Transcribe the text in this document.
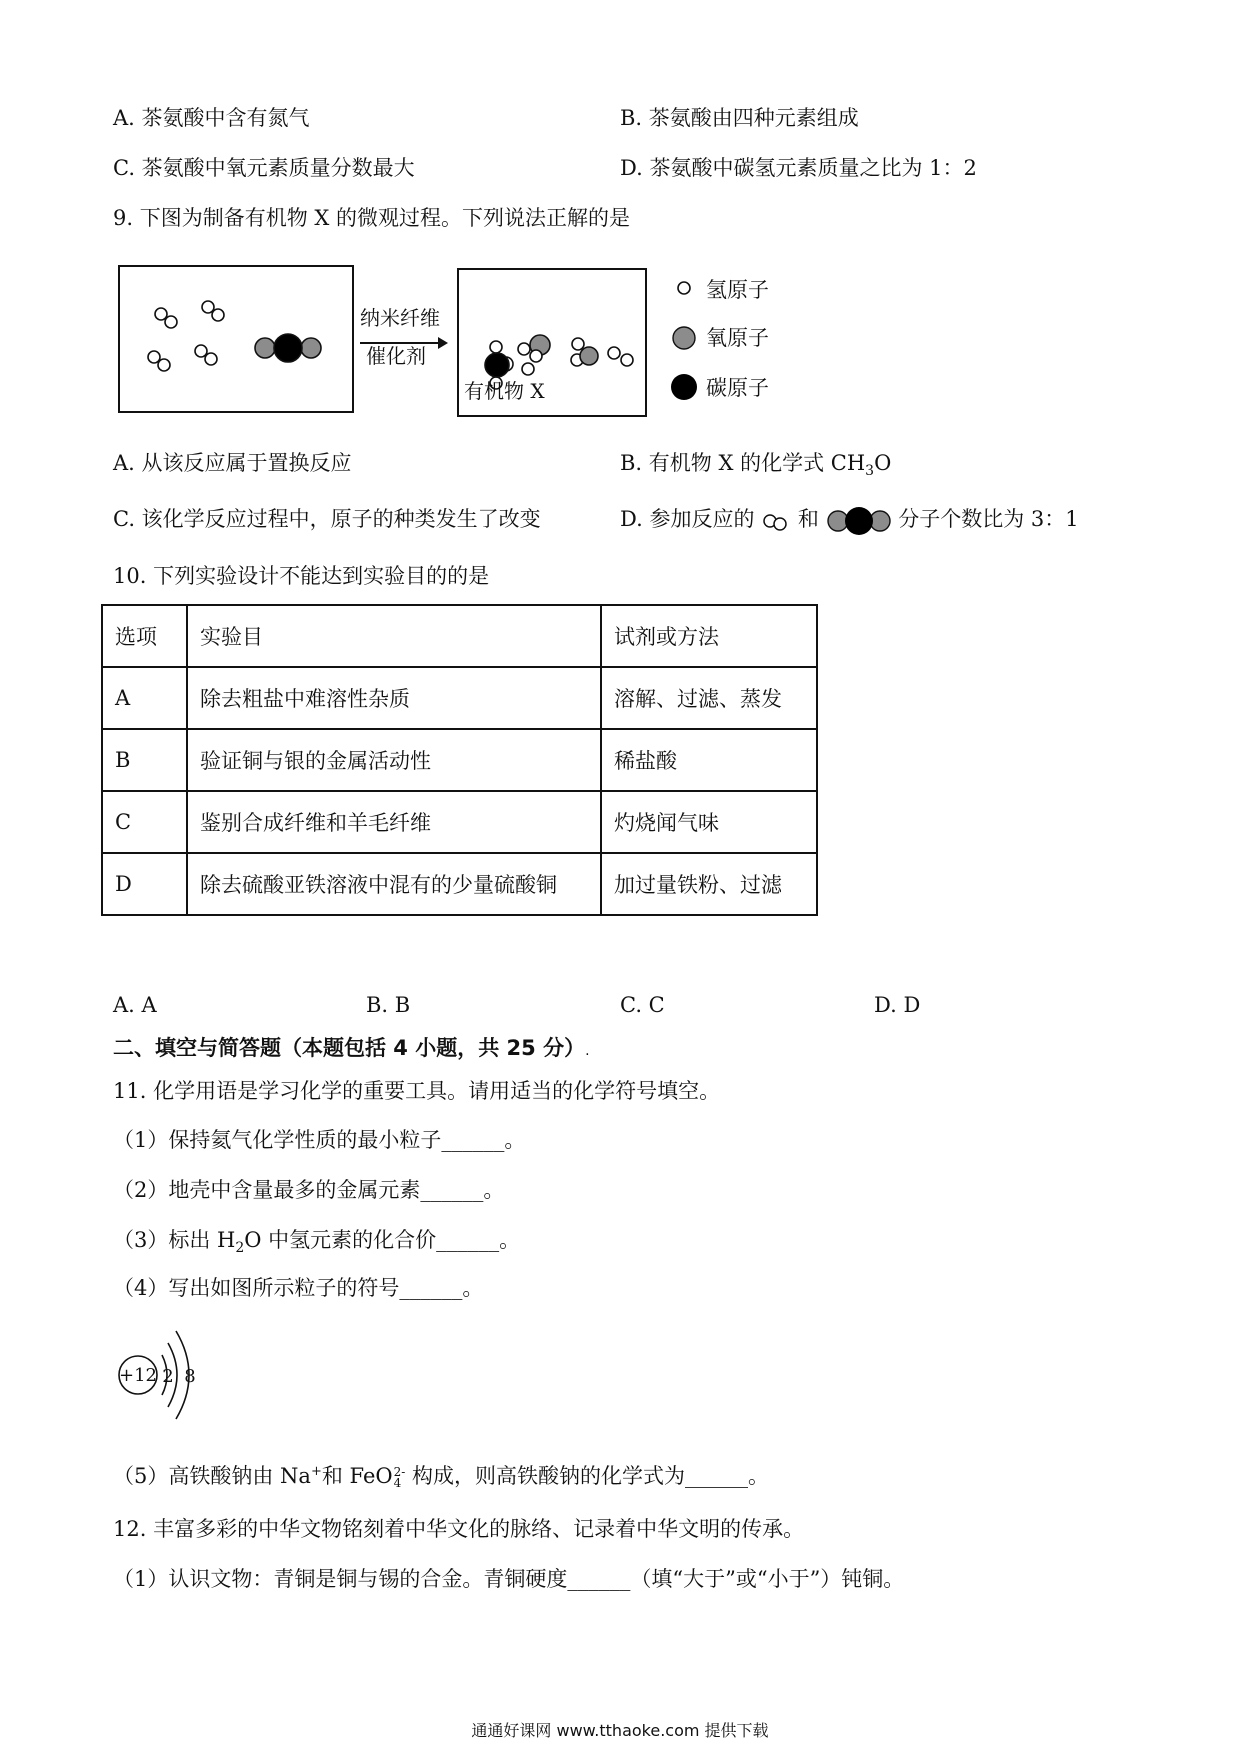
A. 茶氨酸中含有氮气	B. 茶氨酸由四种元素组成
C. 茶氨酸中氧元素质量分数最大	D. 茶氨酸中碳氢元素质量之比为 1：2
9. 下图为制备有机物 X 的微观过程。下列说法正解的是
纳米纤维
催化剂
有机物 X
氢原子
氧原子
碳原子
A. 从该反应属于置换反应	B. 有机物 X 的化学式 $CH_3O$
C. 该化学反应过程中，原子的种类发生了改变	D. 参加反应的 和	分子个数比为 3：1
10. 下列实验设计不能达到实验目的的是
选项	实验目	试剂或方法
A	除去粗盐中难溶性杂质	溶解、过滤、蒸发
B	验证铜与银的金属活动性	稀盐酸
C	鉴别合成纤维和羊毛纤维	灼烧闻气味
D	除去硫酸亚铁溶液中混有的少量硫酸铜	加过量铁粉、过滤
A. A	B. B	C. C	D. D
二、填空与简答题（本题包括 4 小题，共 25 分）.
11. 化学用语是学习化学的重要工具。请用适当的化学符号填空。
（1）保持氦气化学性质的最小粒子______。
（2）地壳中含量最多的金属元素______。
（3）标出 $H_2O$ 中氢元素的化合价______。
（4）写出如图所示粒子的符号______。
+12 2 8
（5）高铁酸钠由 Na+和 FeO 2-
4 构成，则高铁酸钠的化学式为______。
12. 丰富多彩的中华文物铭刻着中华文化的脉络、记录着中华文明的传承。
（1）认识文物：青铜是铜与锡的合金。青铜硬度______（填“大于”或“小于”）钝铜。
通通好课网 www.tthaoke.com 提供下载
